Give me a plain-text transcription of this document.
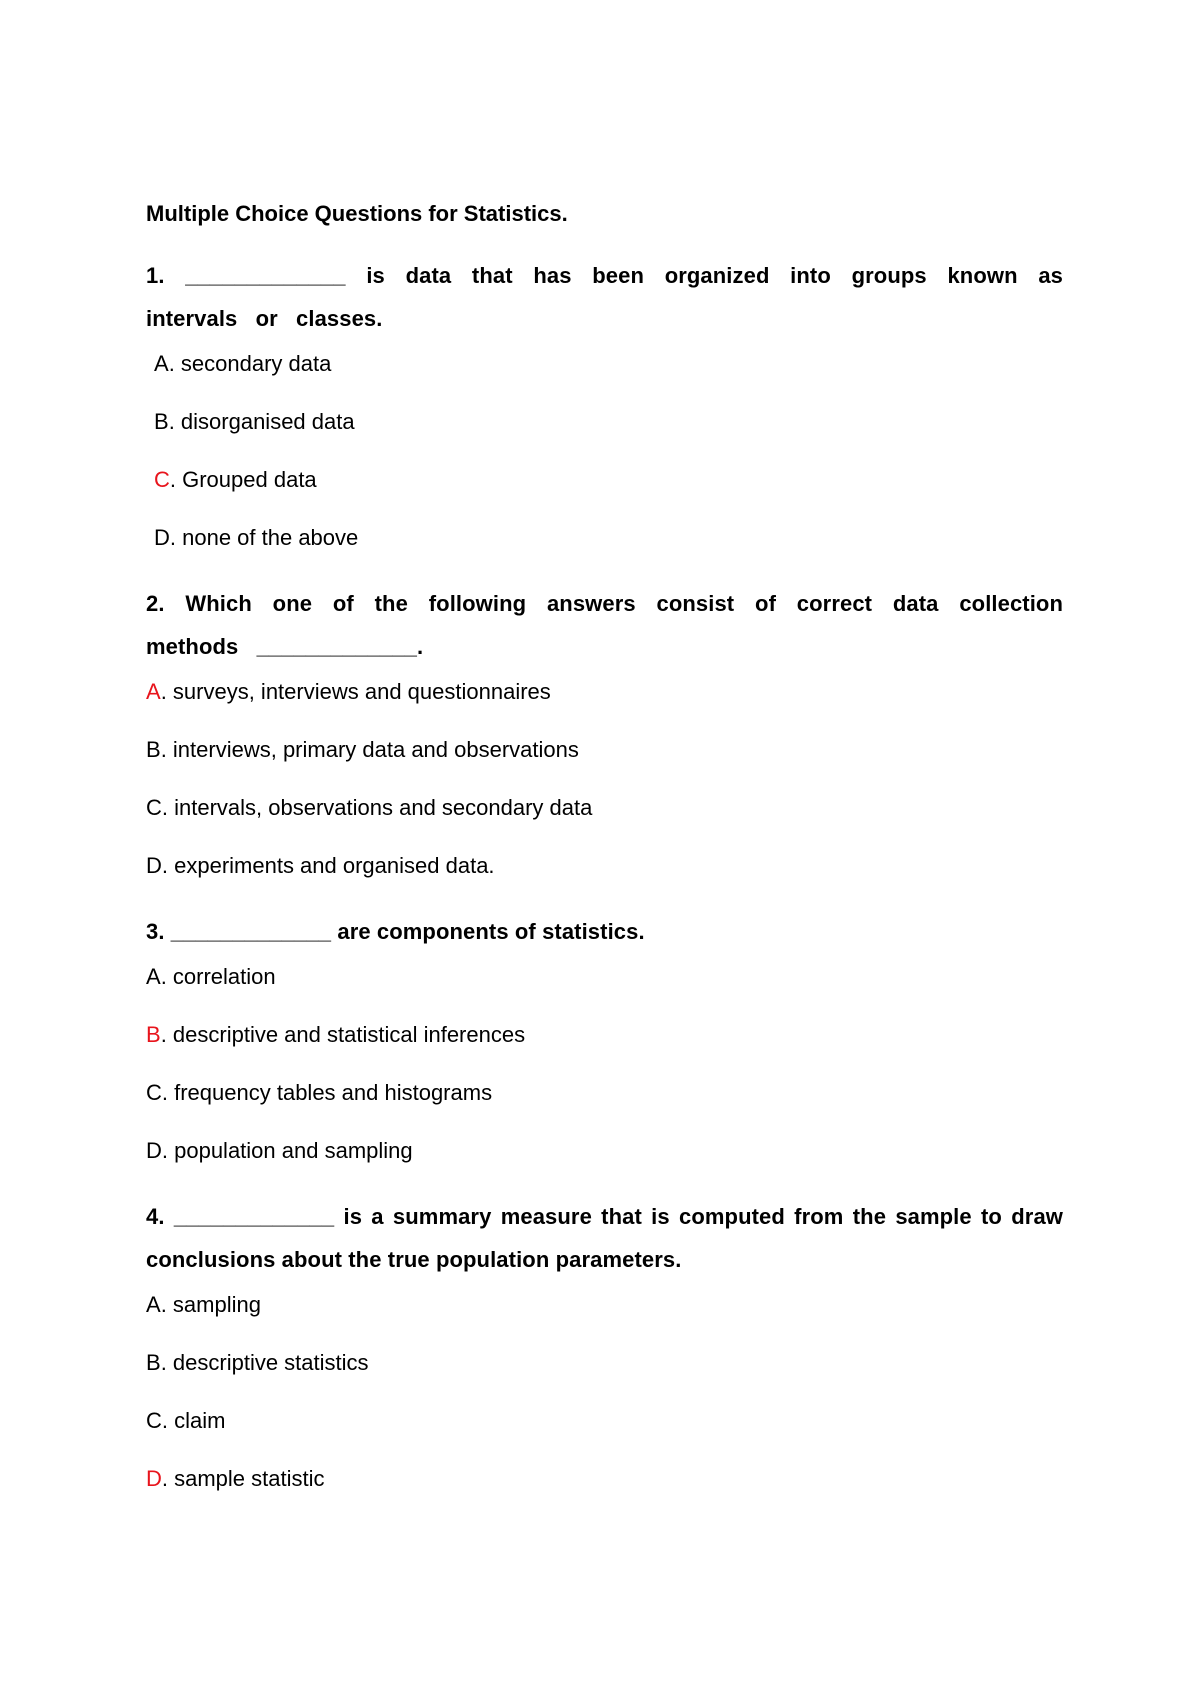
Multiple Choice Questions for Statistics.
1. _____________ is data that has been organized into groups known as intervals or classes.
A. secondary data
B. disorganised data
C. Grouped data
D. none of the above
2. Which one of the following answers consist of correct data collection methods _____________.
A. surveys, interviews and questionnaires
B. interviews, primary data and observations
C. intervals, observations and secondary data
D. experiments and organised data.
3. _____________ are components of statistics.
A. correlation
B. descriptive and statistical inferences
C. frequency tables and histograms
D. population and sampling
4. _____________ is a summary measure that is computed from the sample to draw conclusions about the true population parameters.
A. sampling
B. descriptive statistics
C. claim
D. sample statistic
